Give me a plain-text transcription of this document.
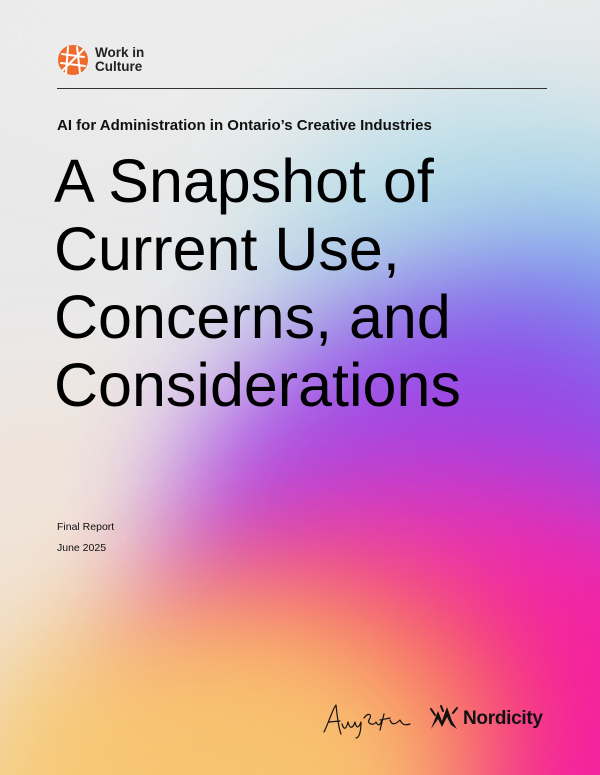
Work in
Culture
AI for Administration in Ontario’s Creative Industries
A Snapshot of
Current Use,
Concerns, and
Considerations
Final Report
June 2025
Nordicity
